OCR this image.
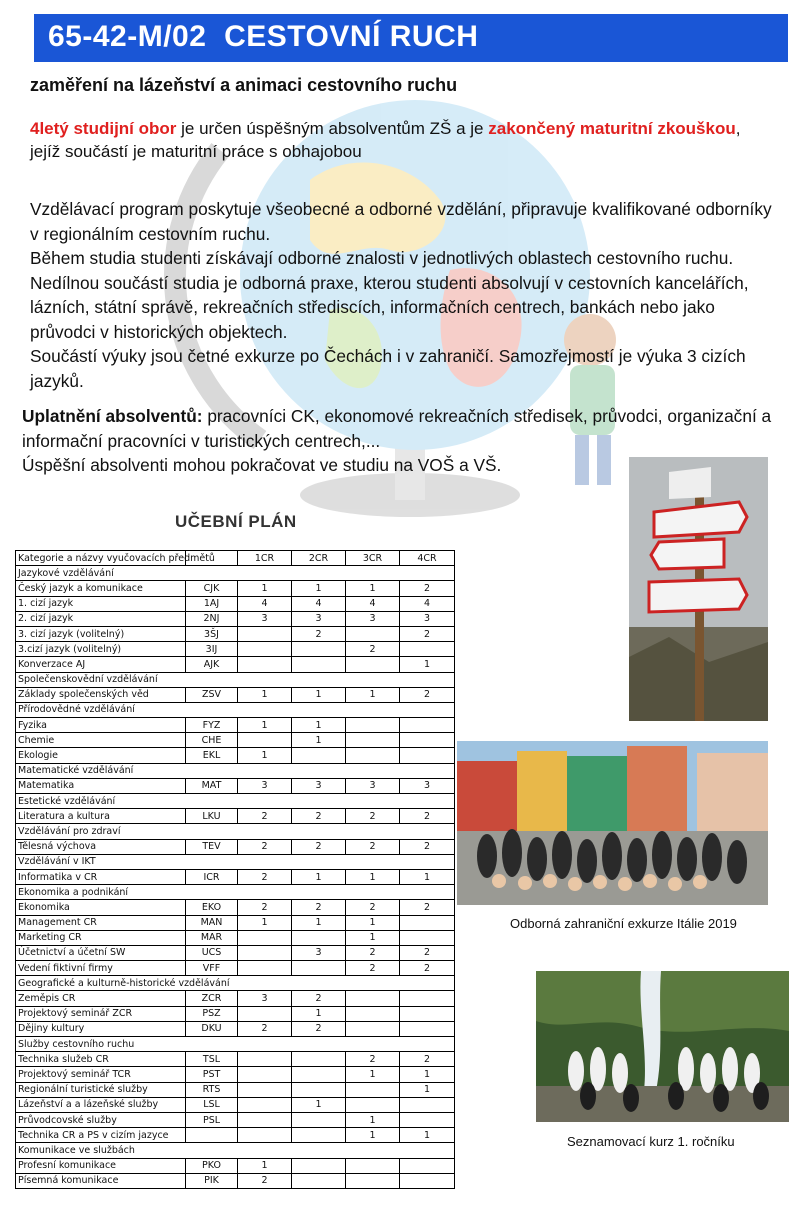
65-42-M/02 CESTOVNÍ RUCH
zaměření na lázeňství a animaci cestovního ruchu
4letý studijní obor je určen úspěšným absolventům ZŠ a je zakončený maturitní zkouškou, jejíž součástí je maturitní práce s obhajobou
Vzdělávací program poskytuje všeobecné a odborné vzdělání, připravuje kvalifikované odborníky v regionálním cestovním ruchu.
Během studia studenti získávají odborné znalosti v jednotlivých oblastech cestovního ruchu. Nedílnou součástí studia je odborná praxe, kterou studenti absolvují v cestovních kancelářích, lázních, státní správě, rekreačních střediscích, informačních centrech, bankách nebo jako průvodci v historických objektech.
Součástí výuky jsou četné exkurze po Čechách i v zahraničí. Samozřejmostí je výuka 3 cizích jazyků.
Uplatnění absolventů: pracovníci CK, ekonomové rekreačních středisek, průvodci, organizační a informační pracovníci v turistických centrech,...
Úspěšní absolventi mohou pokračovat ve studiu na VOŠ a VŠ.
UČEBNÍ PLÁN
Kategorie a názvy vyučovacích předmětů		1CR	2CR	3CR	4CR
Jazykové vzdělávání					
Český jazyk a komunikace	CJK	1	1	1	2
1. cizí jazyk	1AJ	4	4	4	4
2. cizí jazyk	2NJ	3	3	3	3
3. cizí jazyk (volitelný)	3ŠJ		2		2
3.cizí jazyk (volitelný)	3IJ			2	
Konverzace AJ	AJK				1
Společenskovědní vzdělávání					
Základy společenských věd	ZSV	1	1	1	2
Přírodovědné vzdělávání					
Fyzika	FYZ	1	1		
Chemie	CHE		1		
Ekologie	EKL	1			
Matematické vzdělávání					
Matematika	MAT	3	3	3	3
Estetické vzdělávání					
Literatura a kultura	LKU	2	2	2	2
Vzdělávání pro zdraví					
Tělesná výchova	TEV	2	2	2	2
Vzdělávání v IKT					
Informatika v CR	ICR	2	1	1	1
Ekonomika a podnikání					
Ekonomika	EKO	2	2	2	2
Management CR	MAN	1	1	1	
Marketing CR	MAR			1	
Účetnictví a účetní SW	UCS		3	2	2
Vedení fiktivní firmy	VFF			2	2
Geografické a kulturně-historické vzdělávání					
Zeměpis CR	ZCR	3	2		
Projektový seminář ZCR	PSZ		1		
Dějiny kultury	DKU	2	2		
Služby cestovního ruchu					
Technika služeb CR	TSL			2	2
Projektový seminář TCR	PST			1	1
Regionální turistické služby	RTS				1
Lázeňství a a lázeňské služby	LSL		1		
Průvodcovské služby	PSL			1	
Technika CR a PS v cizím jazyce				1	1
Komunikace ve službách					
Profesní komunikace	PKO	1			
Písemná komunikace	PIK	2			
Odborná zahraniční exkurze Itálie 2019
Seznamovací kurz 1. ročníku
